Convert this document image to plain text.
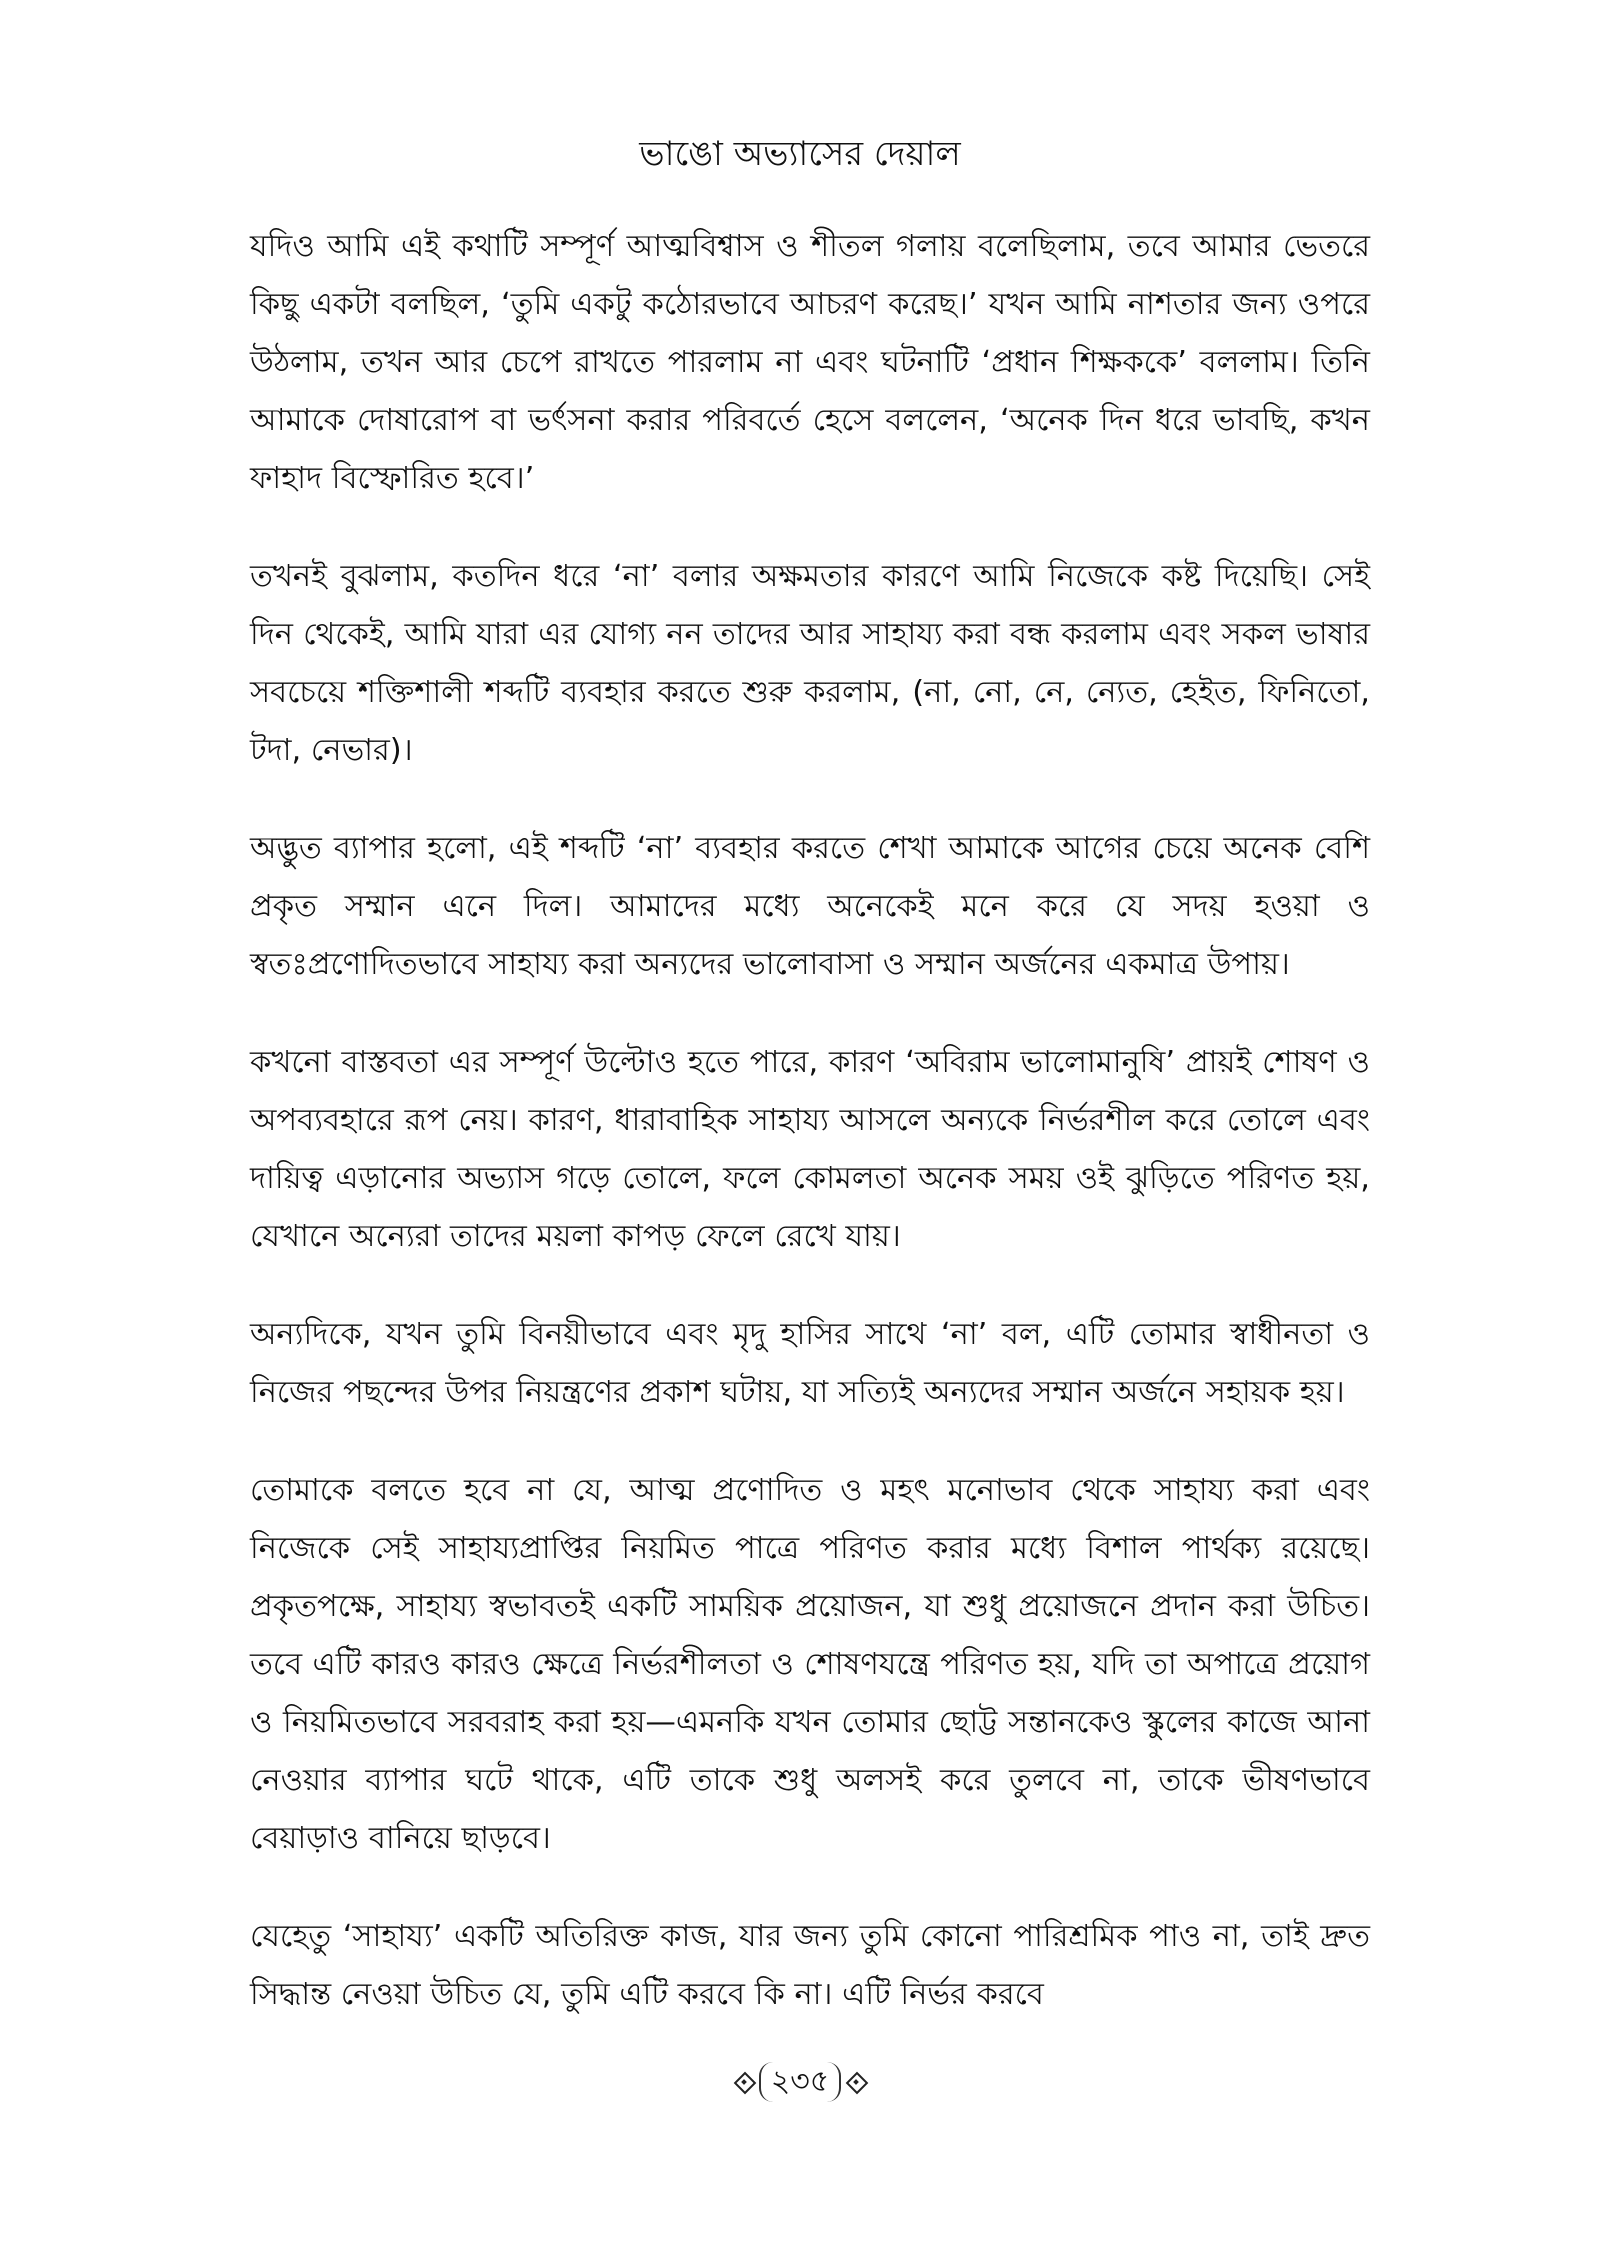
ভাঙো অভ্যাসের দেয়াল

যদিও আমি এই কথাটি সম্পূর্ণ আত্মবিশ্বাস ও শীতল গলায় বলেছিলাম, তবে আমার ভেতরে কিছু একটা বলছিল, ‘তুমি একটু কঠোরভাবে আচরণ করেছ।’ যখন আমি নাশতার জন্য ওপরে উঠলাম, তখন আর চেপে রাখতে পারলাম না এবং ঘটনাটি ‘প্রধান শিক্ষককে’ বললাম। তিনি আমাকে দোষারোপ বা ভর্ৎসনা করার পরিবর্তে হেসে বললেন, ‘অনেক দিন ধরে ভাবছি, কখন ফাহাদ বিস্ফোরিত হবে।’

তখনই বুঝলাম, কতদিন ধরে ‘না’ বলার অক্ষমতার কারণে আমি নিজেকে কষ্ট দিয়েছি। সেই দিন থেকেই, আমি যারা এর যোগ্য নন তাদের আর সাহায্য করা বন্ধ করলাম এবং সকল ভাষার সবচেয়ে শক্তিশালী শব্দটি ব্যবহার করতে শুরু করলাম, (না, নো, নে, ন্যেত, হেইত, ফিনিতো, টদা, নেভার)।

অদ্ভুত ব্যাপার হলো, এই শব্দটি ‘না’ ব্যবহার করতে শেখা আমাকে আগের চেয়ে অনেক বেশি প্রকৃত সম্মান এনে দিল। আমাদের মধ্যে অনেকেই মনে করে যে সদয় হওয়া ও স্বতঃপ্রণোদিতভাবে সাহায্য করা অন্যদের ভালোবাসা ও সম্মান অর্জনের একমাত্র উপায়।

কখনো বাস্তবতা এর সম্পূর্ণ উল্টোও হতে পারে, কারণ ‘অবিরাম ভালোমানুষি’ প্রায়ই শোষণ ও অপব্যবহারে রূপ নেয়। কারণ, ধারাবাহিক সাহায্য আসলে অন্যকে নির্ভরশীল করে তোলে এবং দায়িত্ব এড়ানোর অভ্যাস গড়ে তোলে, ফলে কোমলতা অনেক সময় ওই ঝুড়িতে পরিণত হয়, যেখানে অন্যেরা তাদের ময়লা কাপড় ফেলে রেখে যায়।

অন্যদিকে, যখন তুমি বিনয়ীভাবে এবং মৃদু হাসির সাথে ‘না’ বল, এটি তোমার স্বাধীনতা ও নিজের পছন্দের উপর নিয়ন্ত্রণের প্রকাশ ঘটায়, যা সত্যিই অন্যদের সম্মান অর্জনে সহায়ক হয়।

তোমাকে বলতে হবে না যে, আত্ম প্রণোদিত ও মহৎ মনোভাব থেকে সাহায্য করা এবং নিজেকে সেই সাহায্যপ্রাপ্তির নিয়মিত পাত্রে পরিণত করার মধ্যে বিশাল পার্থক্য রয়েছে। প্রকৃতপক্ষে, সাহায্য স্বভাবতই একটি সাময়িক প্রয়োজন, যা শুধু প্রয়োজনে প্রদান করা উচিত। তবে এটি কারও কারও ক্ষেত্রে নির্ভরশীলতা ও শোষণযন্ত্রে পরিণত হয়, যদি তা অপাত্রে প্রয়োগ ও নিয়মিতভাবে সরবরাহ করা হয়—এমনকি যখন তোমার ছোট্ট সন্তানকেও স্কুলের কাজে আনা নেওয়ার ব্যাপার ঘটে থাকে, এটি তাকে শুধু অলসই করে তুলবে না, তাকে ভীষণভাবে বেয়াড়াও বানিয়ে ছাড়বে।

যেহেতু ‘সাহায্য’ একটি অতিরিক্ত কাজ, যার জন্য তুমি কোনো পারিশ্রমিক পাও না, তাই দ্রুত সিদ্ধান্ত নেওয়া উচিত যে, তুমি এটি করবে কি না। এটি নির্ভর করবে

২৩৫
